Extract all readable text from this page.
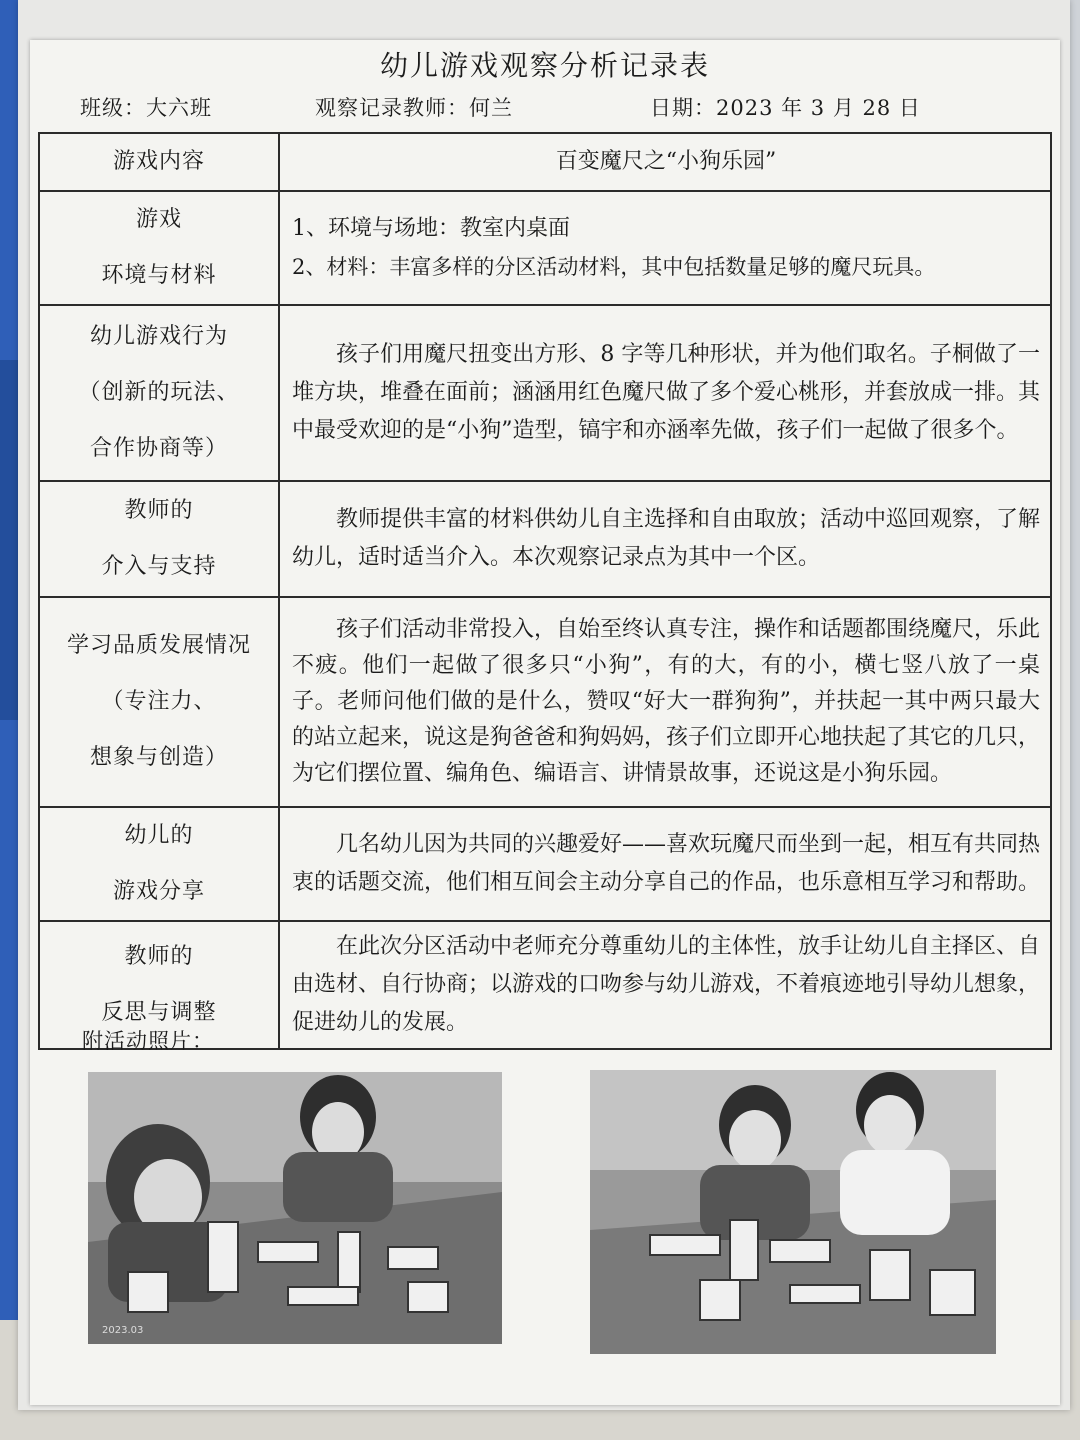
幼儿游戏观察分析记录表
班级：大六班	观察记录教师：何兰	日期：2023 年 3 月 28 日
游戏内容	百变魔尺之“小狗乐园”

游戏
环境与材料	1、环境与场地：教室内桌面
2、材料：丰富多样的分区活动材料，其中包括数量足够的魔尺玩具。

幼儿游戏行为
（创新的玩法、
合作协商等）	孩子们用魔尺扭变出方形、8 字等几种形状，并为他们取名。子桐做了一堆方块，堆叠在面前；涵涵用红色魔尺做了多个爱心桃形，并套放成一排。其中最受欢迎的是“小狗”造型，镐宇和亦涵率先做，孩子们一起做了很多个。

教师的
介入与支持	教师提供丰富的材料供幼儿自主选择和自由取放；活动中巡回观察，了解幼儿，适时适当介入。本次观察记录点为其中一个区。

学习品质发展情况
（专注力、
想象与创造）	孩子们活动非常投入，自始至终认真专注，操作和话题都围绕魔尺，乐此不疲。他们一起做了很多只“小狗”，有的大，有的小，横七竖八放了一桌子。老师问他们做的是什么，赞叹“好大一群狗狗”，并扶起一其中两只最大的站立起来，说这是狗爸爸和狗妈妈，孩子们立即开心地扶起了其它的几只，为它们摆位置、编角色、编语言、讲情景故事，还说这是小狗乐园。

幼儿的
游戏分享	几名幼儿因为共同的兴趣爱好——喜欢玩魔尺而坐到一起，相互有共同热衷的话题交流，他们相互间会主动分享自己的作品，也乐意相互学习和帮助。

教师的
反思与调整	在此次分区活动中老师充分尊重幼儿的主体性，放手让幼儿自主择区、自由选材、自行协商；以游戏的口吻参与幼儿游戏，不着痕迹地引导幼儿想象，促进幼儿的发展。
附活动照片：
2023.03
